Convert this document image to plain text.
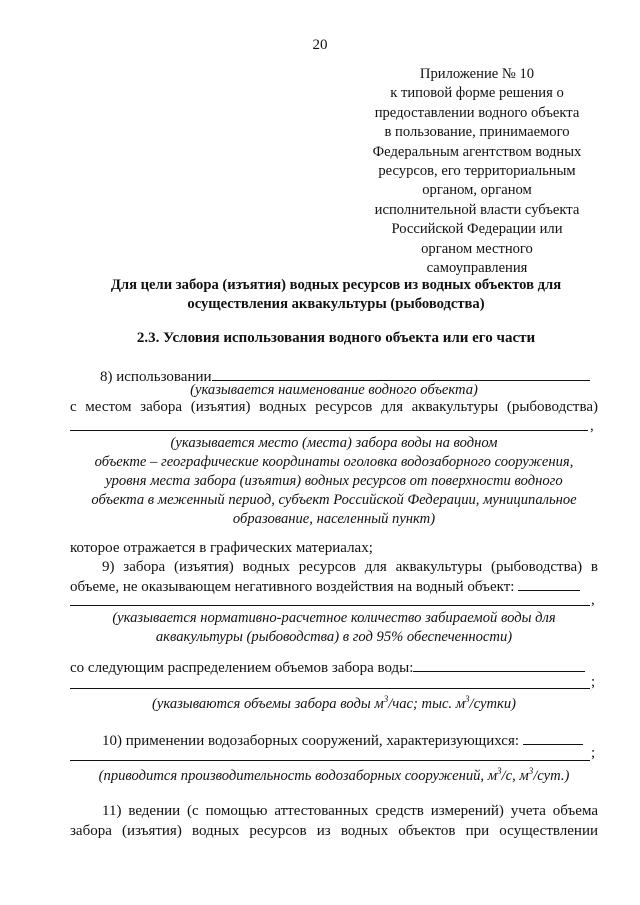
20
Приложение № 10
к типовой форме решения о
предоставлении водного объекта
в пользование, принимаемого
Федеральным агентством водных
ресурсов, его территориальным
органом, органом
исполнительной власти субъекта
Российской Федерации или
органом местного
самоуправления
Для цели забора (изъятия) водных ресурсов из водных объектов для
осуществления аквакультуры (рыбоводства)
2.3. Условия использования водного объекта или его части
8) использовании
(указывается наименование водного объекта)
с местом забора (изъятия) водных ресурсов для аквакультуры (рыбоводства)
,
(указывается место (места) забора воды на водном
объекте – географические координаты оголовка водозаборного сооружения,
уровня места забора (изъятия) водных ресурсов от поверхности водного
объекта в меженный период, субъект Российской Федерации, муниципальное
образование, населенный пункт)
которое отражается в графических материалах;
9) забора (изъятия) водных ресурсов для аквакультуры (рыбоводства) в
объеме, не оказывающем негативного воздействия на водный объект:
,
(указывается нормативно-расчетное количество забираемой воды для
аквакультуры (рыбоводства) в год 95% обеспеченности)
со следующим распределением объемов забора воды:
;
(указываются объемы забора воды $м^3$/час; тыс. $м^3/сутки$)
10) применении водозаборных сооружений, характеризующихся:
;
(приводится производительность водозаборных сооружений, $м^3/с$, $м^3/сут$.)
11) ведении (с помощью аттестованных средств измерений) учета объема
забора (изъятия) водных ресурсов из водных объектов при осуществлении
